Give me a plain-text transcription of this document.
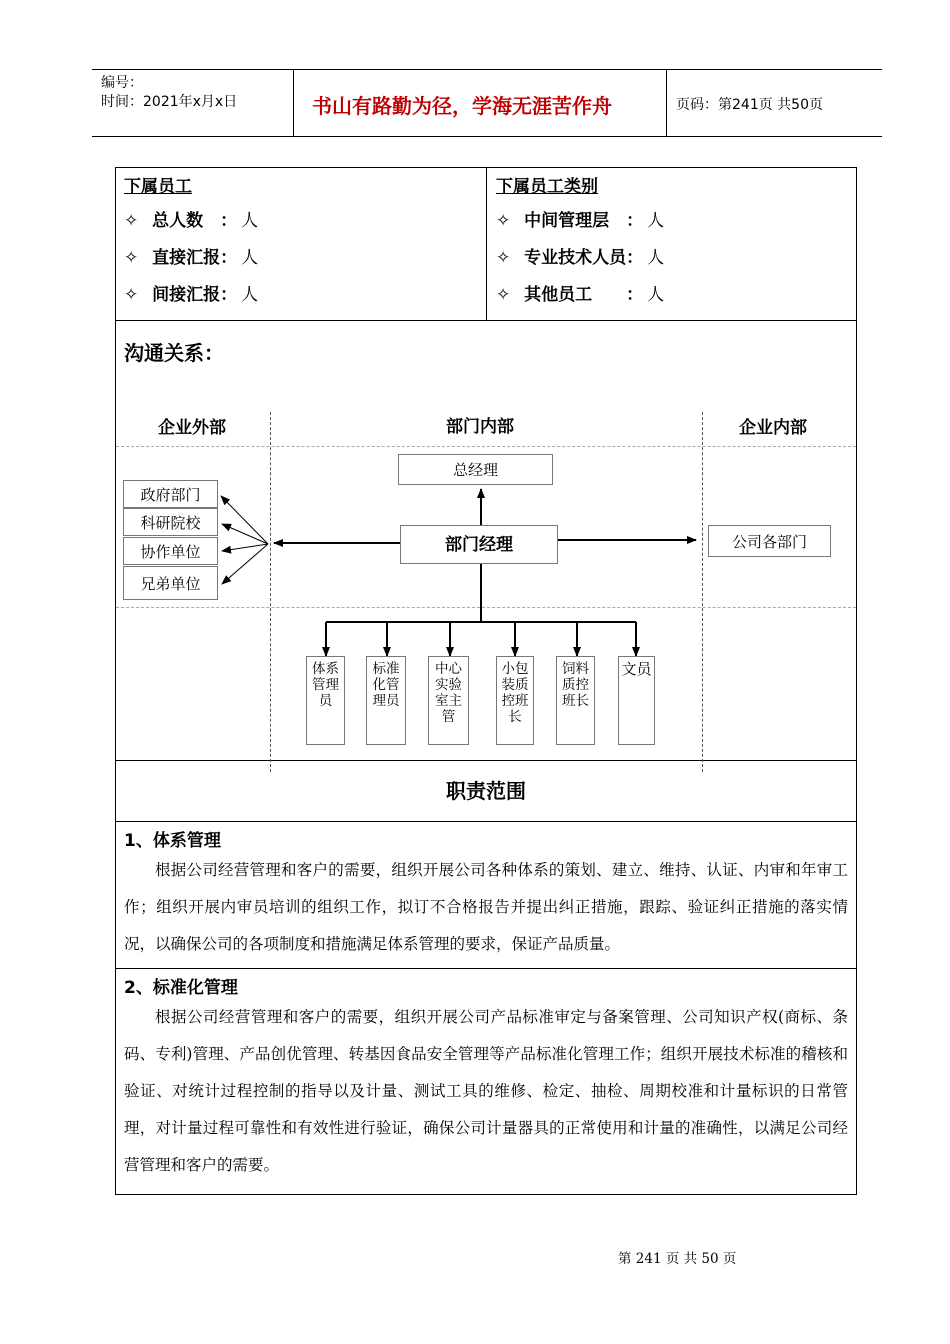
编号：
时间：2021年x月x日	书山有路勤为径，学海无涯苦作舟	页码：第241页 共50页
下属员工
✧ 总人数　： 人
✧ 直接汇报： 人
✧ 间接汇报： 人
下属员工类别
✧ 中间管理层　： 人
✧ 专业技术人员： 人
✧ 其他员工　　： 人
沟通关系：
企业外部	部门内部	企业内部
总经理
部门经理
政府部门
科研院校
协作单位
兄弟单位
公司各部门
体系管理员
标准化管理员
中心实验室主管
小包装质控班长
饲料质控班长
文员
职责范围
1、体系管理
根据公司经营管理和客户的需要，组织开展公司各种体系的策划、建立、维持、认证、内审和年审工作；组织开展内审员培训的组织工作，拟订不合格报告并提出纠正措施，跟踪、验证纠正措施的落实情况，以确保公司的各项制度和措施满足体系管理的要求，保证产品质量。
2、标准化管理
根据公司经营管理和客户的需要，组织开展公司产品标准审定与备案管理、公司知识产权(商标、条码、专利)管理、产品创优管理、转基因食品安全管理等产品标准化管理工作；组织开展技术标准的稽核和验证、对统计过程控制的指导以及计量、测试工具的维修、检定、抽检、周期校准和计量标识的日常管理，对计量过程可靠性和有效性进行验证，确保公司计量器具的正常使用和计量的准确性，以满足公司经营管理和客户的需要。
第 241 页 共 50 页
